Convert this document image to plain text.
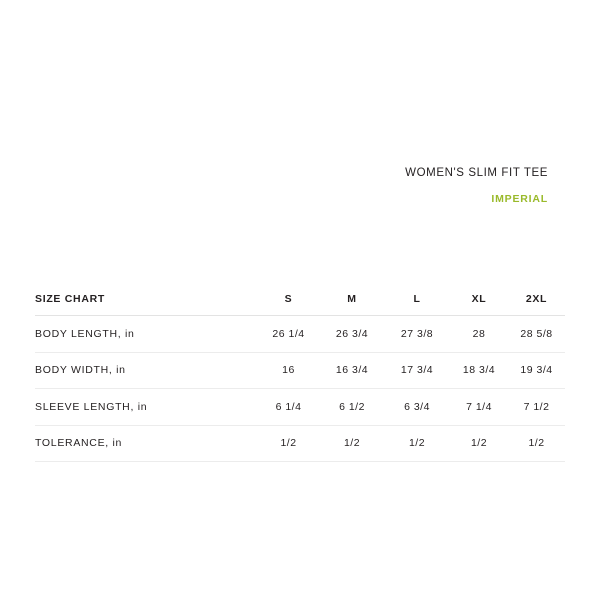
WOMEN'S SLIM FIT TEE
IMPERIAL
SIZE CHART	S	M	L	XL	2XL
BODY LENGTH, in	26 1/4	26 3/4	27 3/8	28	28 5/8
BODY WIDTH, in	16	16 3/4	17 3/4	18 3/4	19 3/4
SLEEVE LENGTH, in	6 1/4	6 1/2	6 3/4	7 1/4	7 1/2
TOLERANCE, in	1/2	1/2	1/2	1/2	1/2
